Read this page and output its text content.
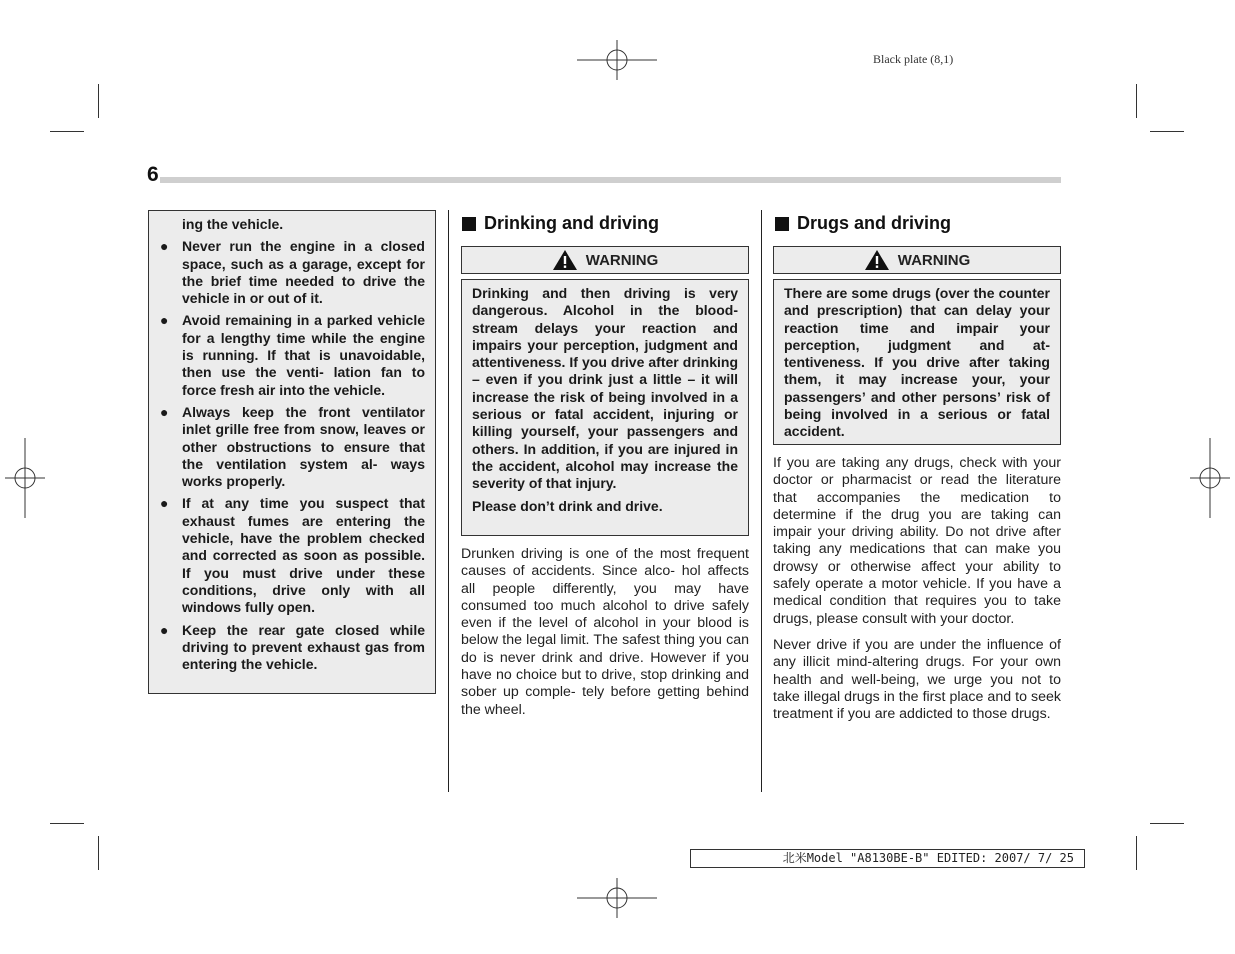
Black plate (8,1)
6

ing the vehicle.

● Never run the engine in a closed space, such as a garage, except for the brief time needed to drive the vehicle in or out of it.
● Avoid remaining in a parked vehicle for a lengthy time while the engine is running. If that is unavoidable, then use the venti- lation fan to force fresh air into the vehicle.
● Always keep the front ventilator inlet grille free from snow, leaves or other obstructions to ensure that the ventilation system al- ways works properly.
● If at any time you suspect that exhaust fumes are entering the vehicle, have the problem checked and corrected as soon as possible. If you must drive under these conditions, drive only with all windows fully open.
● Keep the rear gate closed while driving to prevent exhaust gas from entering the vehicle.
Drinking and driving
WARNING

Drinking and then driving is very dangerous. Alcohol in the blood- stream delays your reaction and impairs your perception, judgment and attentiveness. If you drive after drinking – even if you drink just a little – it will increase the risk of being involved in a serious or fatal accident, injuring or killing yourself, your passengers and others. In addition, if you are injured in the accident, alcohol may increase the severity of that injury.

Please don’t drink and drive.

Drunken driving is one of the most frequent causes of accidents. Since alco- hol affects all people differently, you may have consumed too much alcohol to drive safely even if the level of alcohol in your blood is below the legal limit. The safest thing you can do is never drink and drive. However if you have no choice but to drive, stop drinking and sober up comple- tely before getting behind the wheel.

Drugs and driving
WARNING

There are some drugs (over the counter and prescription) that can delay your reaction time and impair your perception, judgment and at- tentiveness. If you drive after taking them, it may increase your, your passengers’ and other persons’ risk of being involved in a serious or fatal accident.

If you are taking any drugs, check with your doctor or pharmacist or read the literature that accompanies the medication to determine if the drug you are taking can impair your driving ability. Do not drive after taking any medications that can make you drowsy or otherwise affect your ability to safely operate a motor vehicle. If you have a medical condition that requires you to take drugs, please consult with your doctor.

Never drive if you are under the influence of any illicit mind-altering drugs. For your own health and well-being, we urge you not to take illegal drugs in the first place and to seek treatment if you are addicted to those drugs.

北米Model "A8130BE-B" EDITED: 2007/ 7/ 25
